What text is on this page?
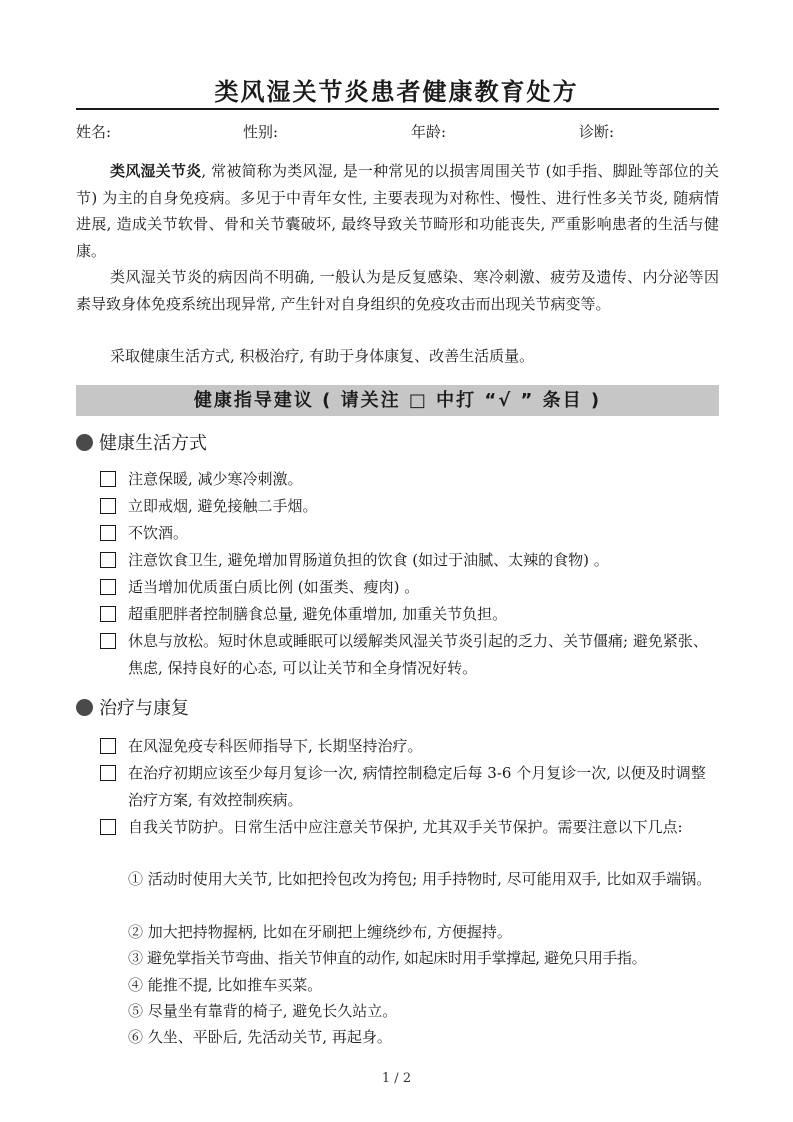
类风湿关节炎患者健康教育处方
姓名:	性别:	年龄:	诊断:

类风湿关节炎, 常被简称为类风湿, 是一种常见的以损害周围关节 (如手指、脚趾等部位的关节) 为主的自身免疫病。多见于中青年女性, 主要表现为对称性、慢性、进行性多关节炎, 随病情进展, 造成关节软骨、骨和关节囊破坏, 最终导致关节畸形和功能丧失, 严重影响患者的生活与健康。

类风湿关节炎的病因尚不明确, 一般认为是反复感染、寒冷刺激、疲劳及遗传、内分泌等因素导致身体免疫系统出现异常, 产生针对自身组织的免疫攻击而出现关节病变等。

采取健康生活方式, 积极治疗, 有助于身体康复、改善生活质量。

健康指导建议 ( 请关注 □ 中打 “√ ” 条目 )
健康生活方式
注意保暖, 减少寒冷刺激。
立即戒烟, 避免接触二手烟。
不饮酒。
注意饮食卫生, 避免增加胃肠道负担的饮食 (如过于油腻、太辣的食物) 。
适当增加优质蛋白质比例 (如蛋类、瘦肉) 。
超重肥胖者控制膳食总量, 避免体重增加, 加重关节负担。
休息与放松。短时休息或睡眠可以缓解类风湿关节炎引起的乏力、关节僵痛; 避免紧张、焦虑, 保持良好的心态, 可以让关节和全身情况好转。
治疗与康复
在风湿免疫专科医师指导下, 长期坚持治疗。
在治疗初期应该至少每月复诊一次, 病情控制稳定后每 3-6 个月复诊一次, 以便及时调整治疗方案, 有效控制疾病。
自我关节防护。日常生活中应注意关节保护, 尤其双手关节保护。需要注意以下几点:
① 活动时使用大关节, 比如把拎包改为挎包; 用手持物时, 尽可能用双手, 比如双手端锅。
② 加大把持物握柄, 比如在牙刷把上缠绕纱布, 方便握持。
③ 避免掌指关节弯曲、指关节伸直的动作, 如起床时用手掌撑起, 避免只用手指。
④ 能推不提, 比如推车买菜。
⑤ 尽量坐有靠背的椅子, 避免长久站立。
⑥ 久坐、平卧后, 先活动关节, 再起身。
1 / 2
